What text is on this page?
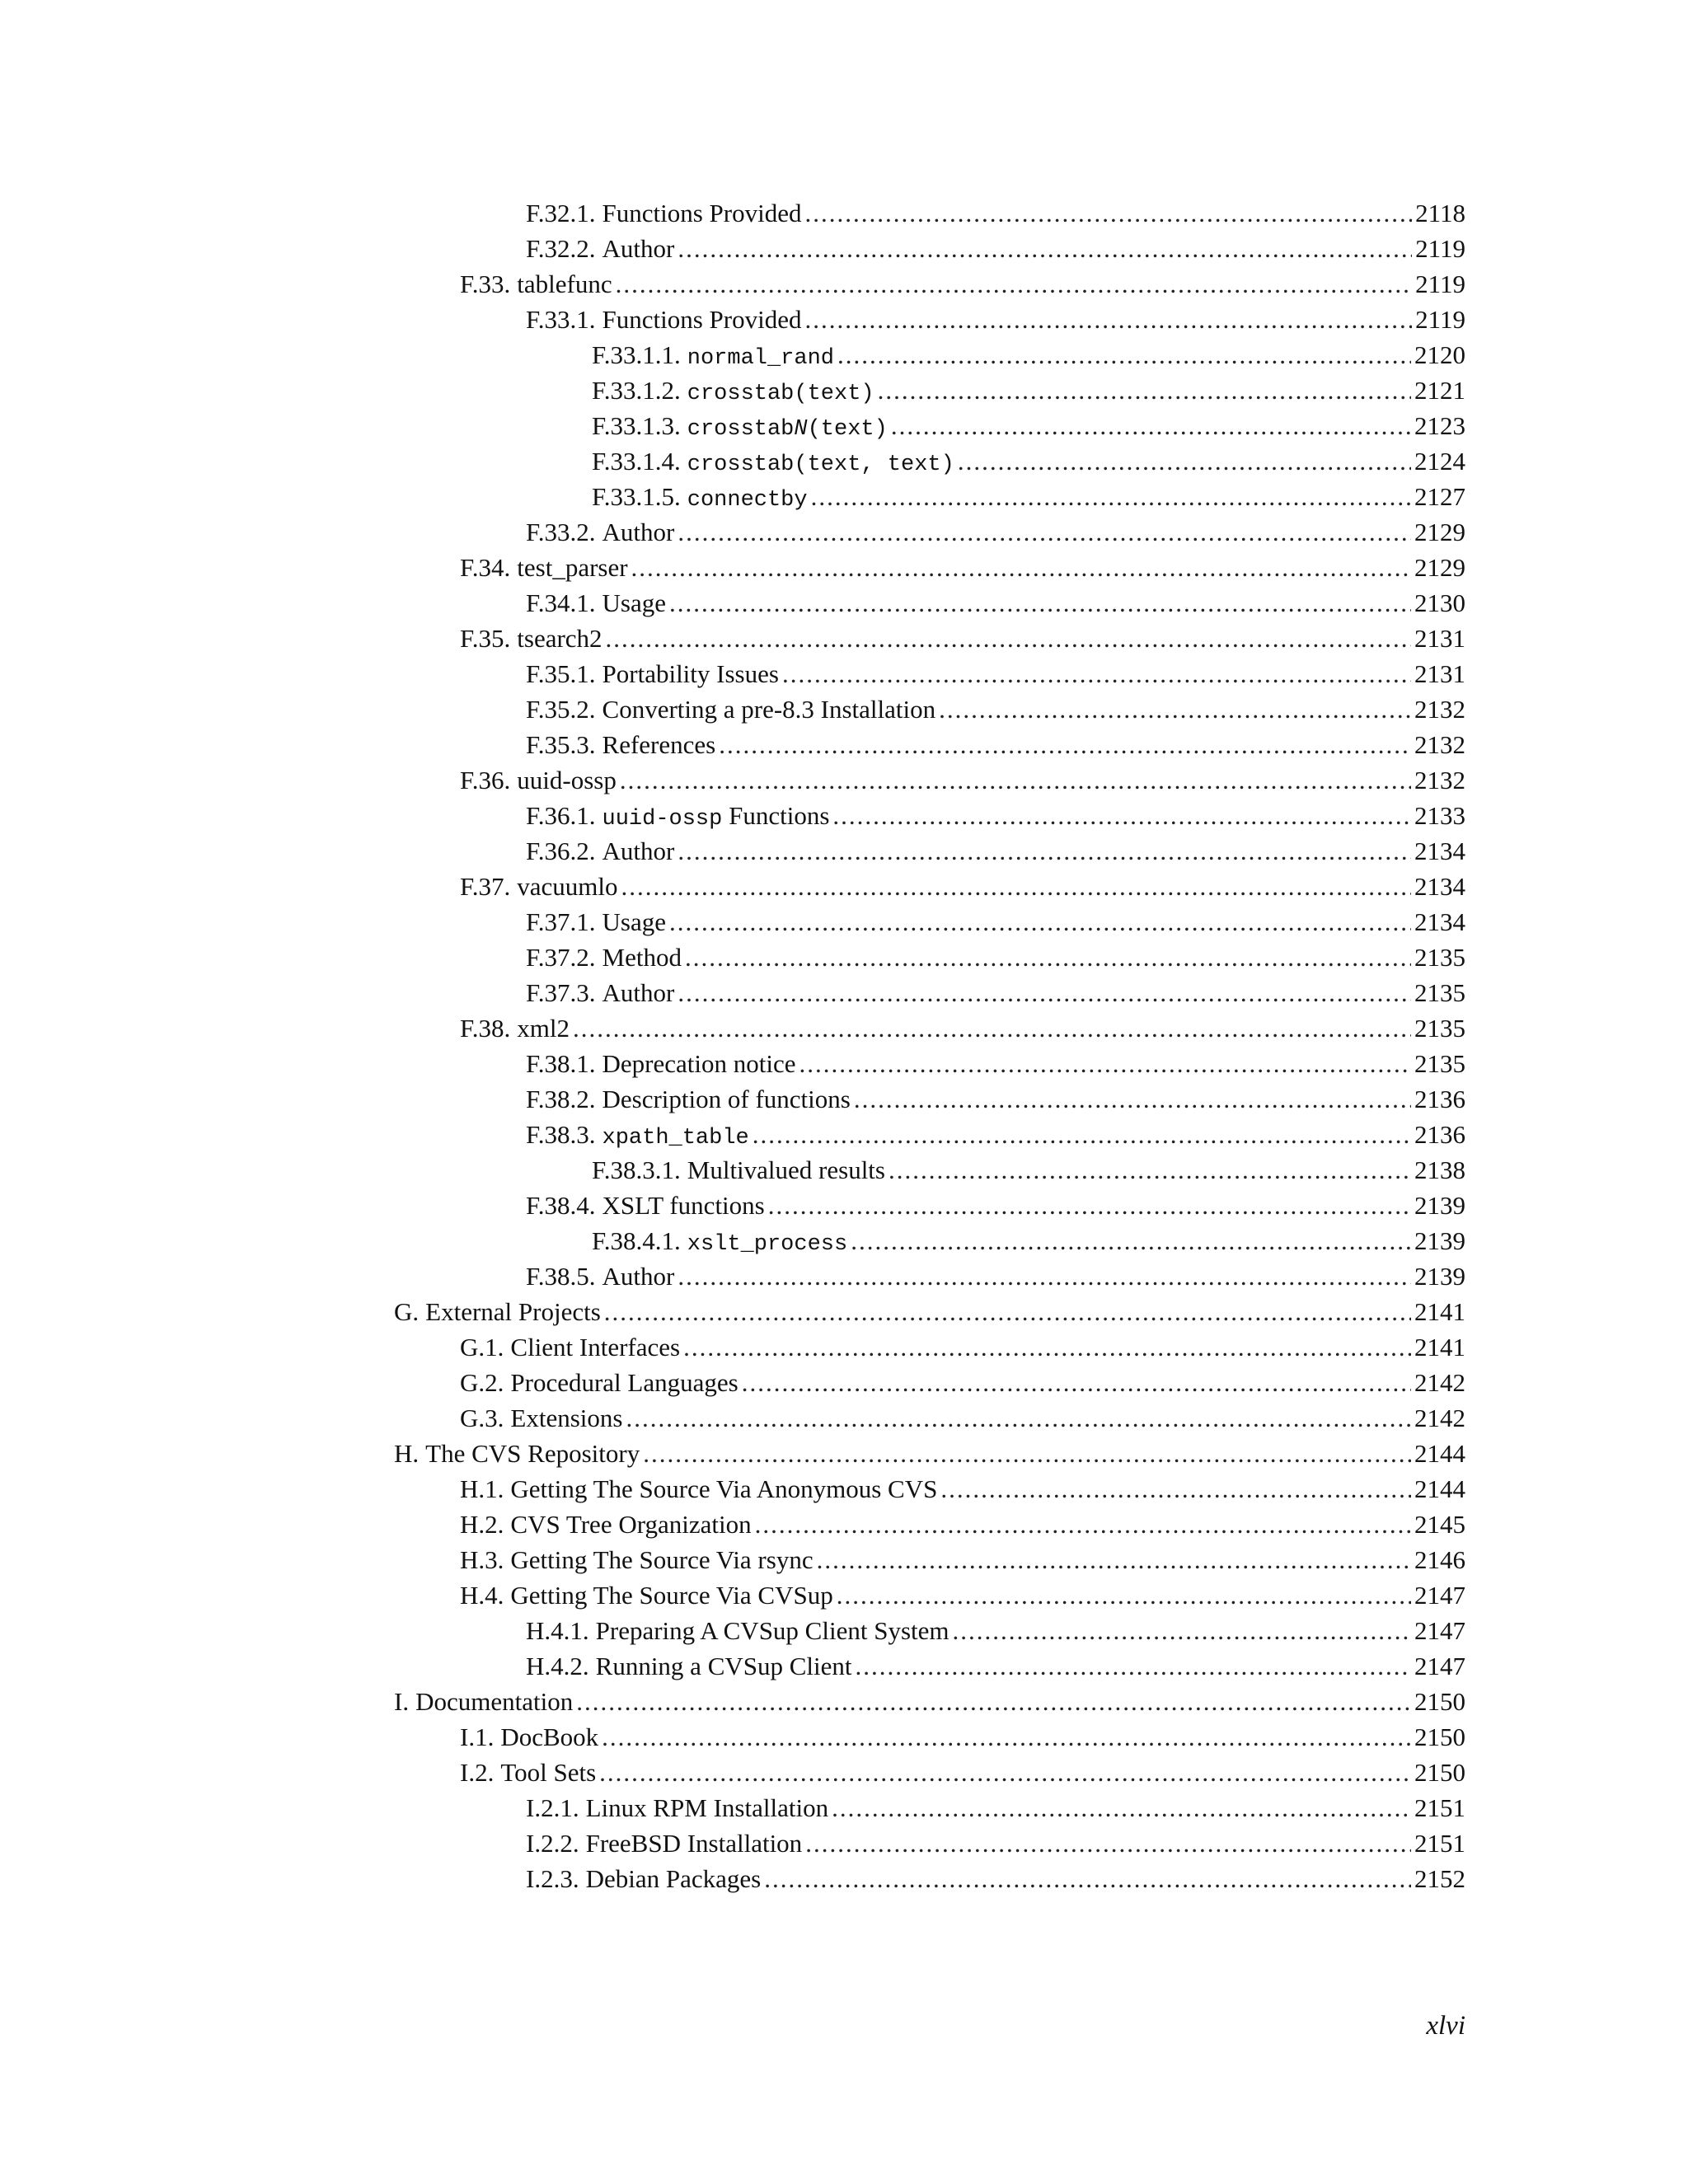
F.32.1. Functions Provided .....	2118
F.32.2. Author .....	2119
F.33. tablefunc .....	2119
F.33.1. Functions Provided .....	2119
F.33.1.1. normal_rand .....	2120
F.33.1.2. crosstab(text) .....	2121
F.33.1.3. crosstabN(text) .....	2123
F.33.1.4. crosstab(text, text) .....	2124
F.33.1.5. connectby .....	2127
F.33.2. Author .....	2129
F.34. test_parser .....	2129
F.34.1. Usage .....	2130
F.35. tsearch2 .....	2131
F.35.1. Portability Issues .....	2131
F.35.2. Converting a pre-8.3 Installation .....	2132
F.35.3. References .....	2132
F.36. uuid-ossp .....	2132
F.36.1. uuid-ossp Functions .....	2133
F.36.2. Author .....	2134
F.37. vacuumlo .....	2134
F.37.1. Usage .....	2134
F.37.2. Method .....	2135
F.37.3. Author .....	2135
F.38. xml2 .....	2135
F.38.1. Deprecation notice .....	2135
F.38.2. Description of functions .....	2136
F.38.3. xpath_table .....	2136
F.38.3.1. Multivalued results .....	2138
F.38.4. XSLT functions .....	2139
F.38.4.1. xslt_process .....	2139
F.38.5. Author .....	2139
G. External Projects .....	2141
G.1. Client Interfaces .....	2141
G.2. Procedural Languages .....	2142
G.3. Extensions .....	2142
H. The CVS Repository .....	2144
H.1. Getting The Source Via Anonymous CVS .....	2144
H.2. CVS Tree Organization .....	2145
H.3. Getting The Source Via rsync .....	2146
H.4. Getting The Source Via CVSup .....	2147
H.4.1. Preparing A CVSup Client System .....	2147
H.4.2. Running a CVSup Client .....	2147
I. Documentation .....	2150
I.1. DocBook .....	2150
I.2. Tool Sets .....	2150
I.2.1. Linux RPM Installation .....	2151
I.2.2. FreeBSD Installation .....	2151
I.2.3. Debian Packages .....	2152
xlvi
